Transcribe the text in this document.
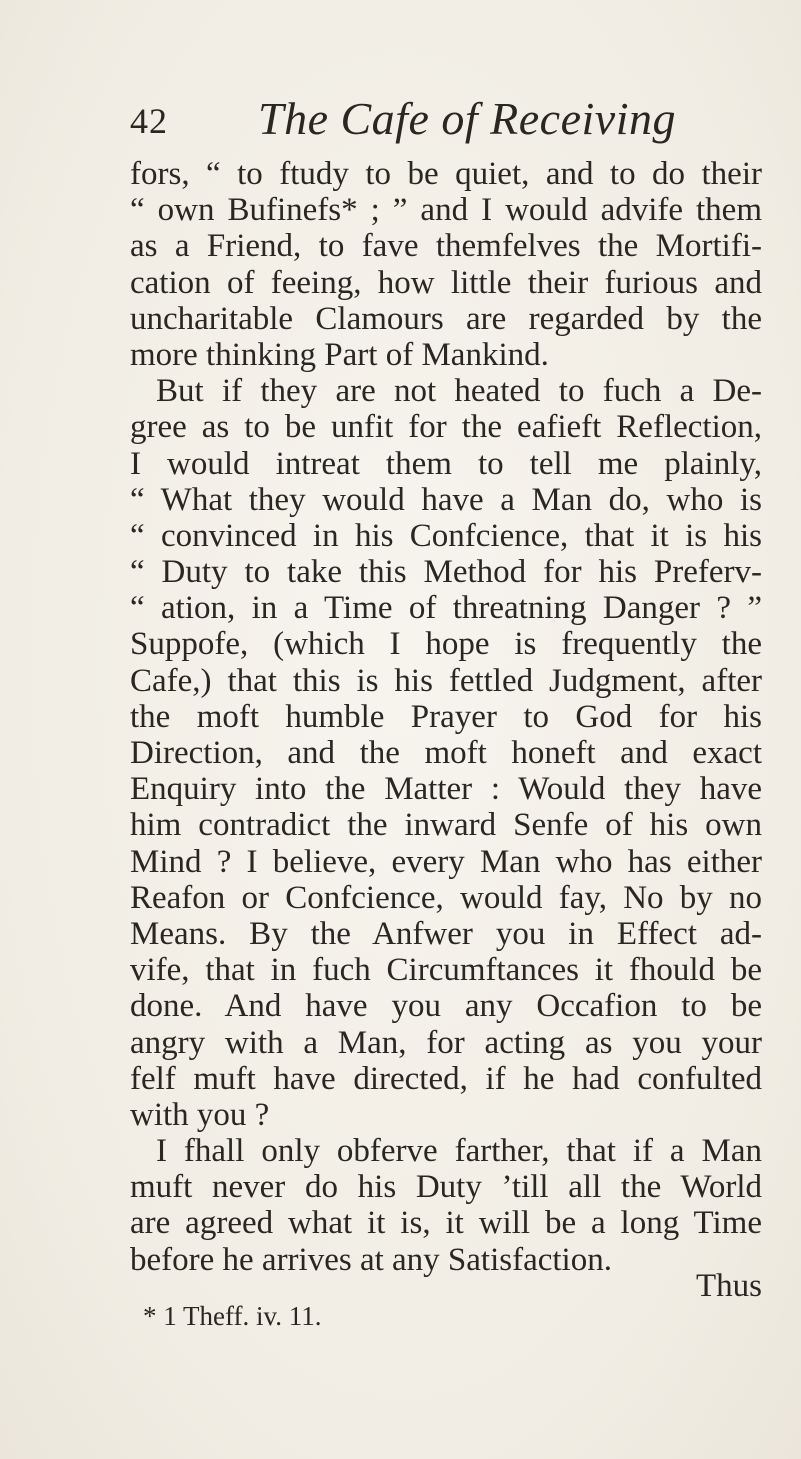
42 The Cafe of Receiving
fors, “ to ftudy to be quiet, and to do their
“ own Bufinefs* ; ” and I would advife them
as a Friend, to fave themfelves the Mortifi-
cation of feeing, how little their furious and
uncharitable Clamours are regarded by the
more thinking Part of Mankind.
But if they are not heated to fuch a De-
gree as to be unfit for the eafieft Reflection,
I would intreat them to tell me plainly,
“ What they would have a Man do, who is
“ convinced in his Confcience, that it is his
“ Duty to take this Method for his Preferv-
“ ation, in a Time of threatning Danger ? ”
Suppofe, (which I hope is frequently the
Cafe,) that this is his fettled Judgment, after
the moft humble Prayer to God for his
Direction, and the moft honeft and exact
Enquiry into the Matter : Would they have
him contradict the inward Senfe of his own
Mind ? I believe, every Man who has either
Reafon or Confcience, would fay, No by no
Means. By the Anfwer you in Effect ad-
vife, that in fuch Circumftances it fhould be
done. And have you any Occafion to be
angry with a Man, for acting as you your
felf muft have directed, if he had confulted
with you ?
I fhall only obferve farther, that if a Man
muft never do his Duty ’till all the World
are agreed what it is, it will be a long Time
before he arrives at any Satisfaction.
Thus
* 1 Theff. iv. 11.
